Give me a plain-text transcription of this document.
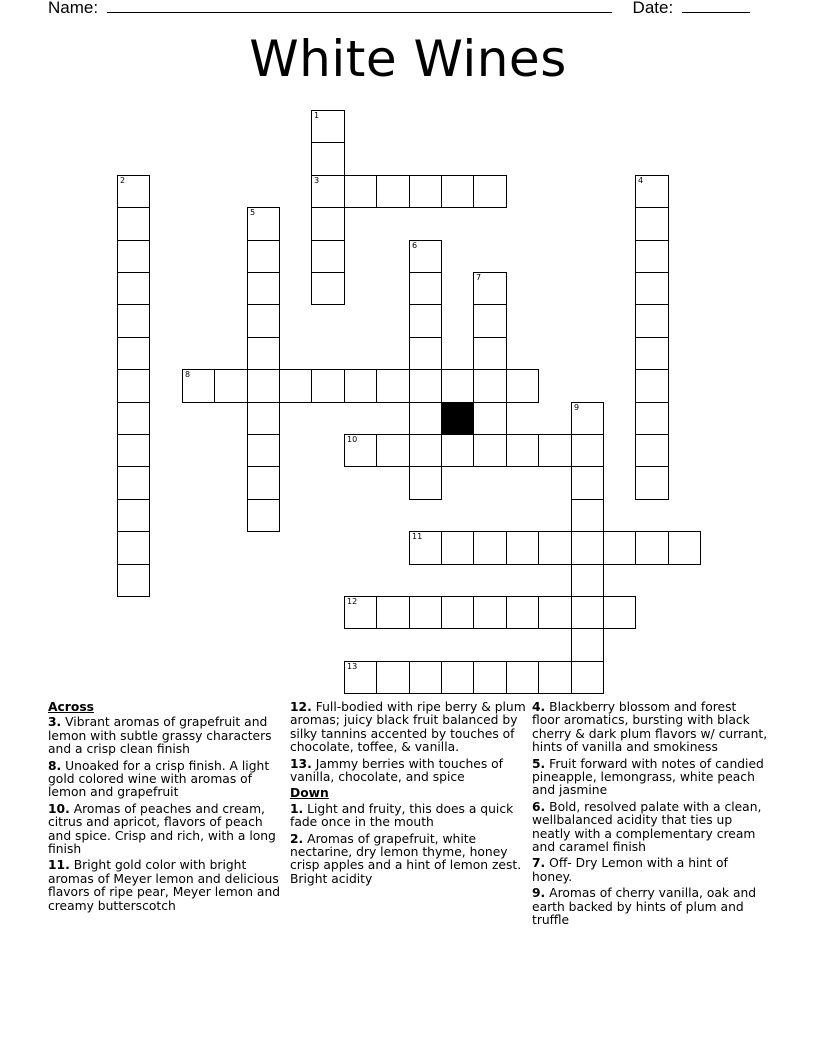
Name:	Date:
White Wines
1
3
2	4
5
6
7
8
9
10
11
12
13
Across
3. Vibrant aromas of grapefruit and lemon with subtle grassy characters and a crisp clean finish
8. Unoaked for a crisp finish. A light gold colored wine with aromas of lemon and grapefruit
10. Aromas of peaches and cream, citrus and apricot, flavors of peach and spice. Crisp and rich, with a long finish
11. Bright gold color with bright aromas of Meyer lemon and delicious flavors of ripe pear, Meyer lemon and creamy butterscotch
12. Full-bodied with ripe berry & plum aromas; juicy black fruit balanced by silky tannins accented by touches of chocolate, toffee, & vanilla.
13. Jammy berries with touches of vanilla, chocolate, and spice
Down
1. Light and fruity, this does a quick fade once in the mouth
2. Aromas of grapefruit, white nectarine, dry lemon thyme, honey crisp apples and a hint of lemon zest. Bright acidity
4. Blackberry blossom and forest floor aromatics, bursting with black cherry & dark plum flavors w/ currant, hints of vanilla and smokiness
5. Fruit forward with notes of candied pineapple, lemongrass, white peach and jasmine
6. Bold, resolved palate with a clean, wellbalanced acidity that ties up neatly with a complementary cream and caramel finish
7. Off- Dry Lemon with a hint of honey.
9. Aromas of cherry vanilla, oak and earth backed by hints of plum and truffle
